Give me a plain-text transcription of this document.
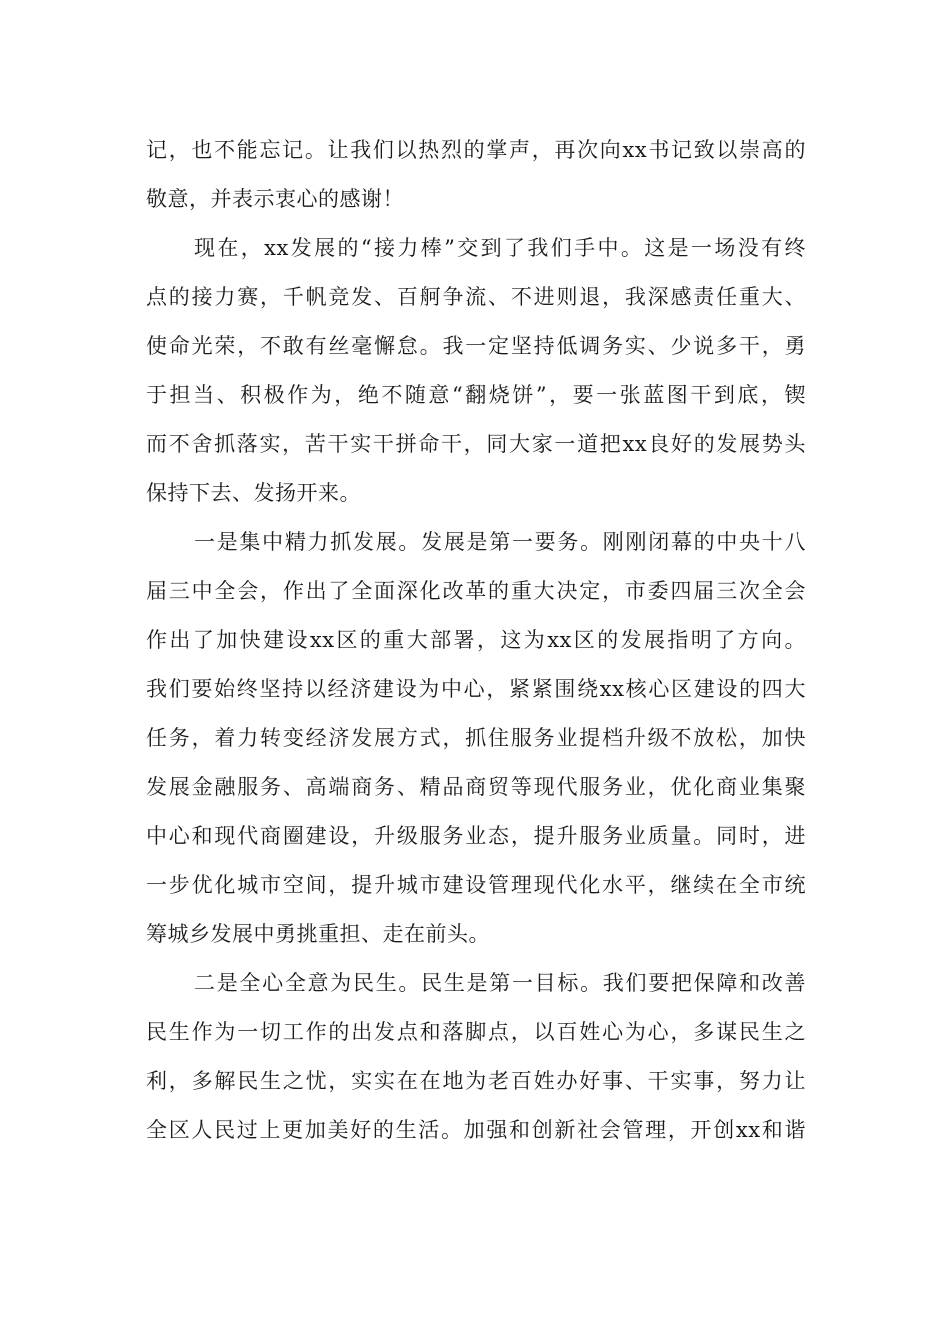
记，也不能忘记。让我们以热烈的掌声，再次向xx书记致以崇高的
敬意，并表示衷心的感谢！
现在，xx发展的“接力棒”交到了我们手中。这是一场没有终
点的接力赛，千帆竞发、百舸争流、不进则退，我深感责任重大、
使命光荣，不敢有丝毫懈怠。我一定坚持低调务实、少说多干，勇
于担当、积极作为，绝不随意“翻烧饼”，要一张蓝图干到底，锲
而不舍抓落实，苦干实干拼命干，同大家一道把xx良好的发展势头
保持下去、发扬开来。
一是集中精力抓发展。发展是第一要务。刚刚闭幕的中央十八
届三中全会，作出了全面深化改革的重大决定，市委四届三次全会
作出了加快建设xx区的重大部署，这为xx区的发展指明了方向。
我们要始终坚持以经济建设为中心，紧紧围绕xx核心区建设的四大
任务，着力转变经济发展方式，抓住服务业提档升级不放松，加快
发展金融服务、高端商务、精品商贸等现代服务业，优化商业集聚
中心和现代商圈建设，升级服务业态，提升服务业质量。同时，进
一步优化城市空间，提升城市建设管理现代化水平，继续在全市统
筹城乡发展中勇挑重担、走在前头。
二是全心全意为民生。民生是第一目标。我们要把保障和改善
民生作为一切工作的出发点和落脚点，以百姓心为心，多谋民生之
利，多解民生之忧，实实在在地为老百姓办好事、干实事，努力让
全区人民过上更加美好的生活。加强和创新社会管理，开创xx和谐
